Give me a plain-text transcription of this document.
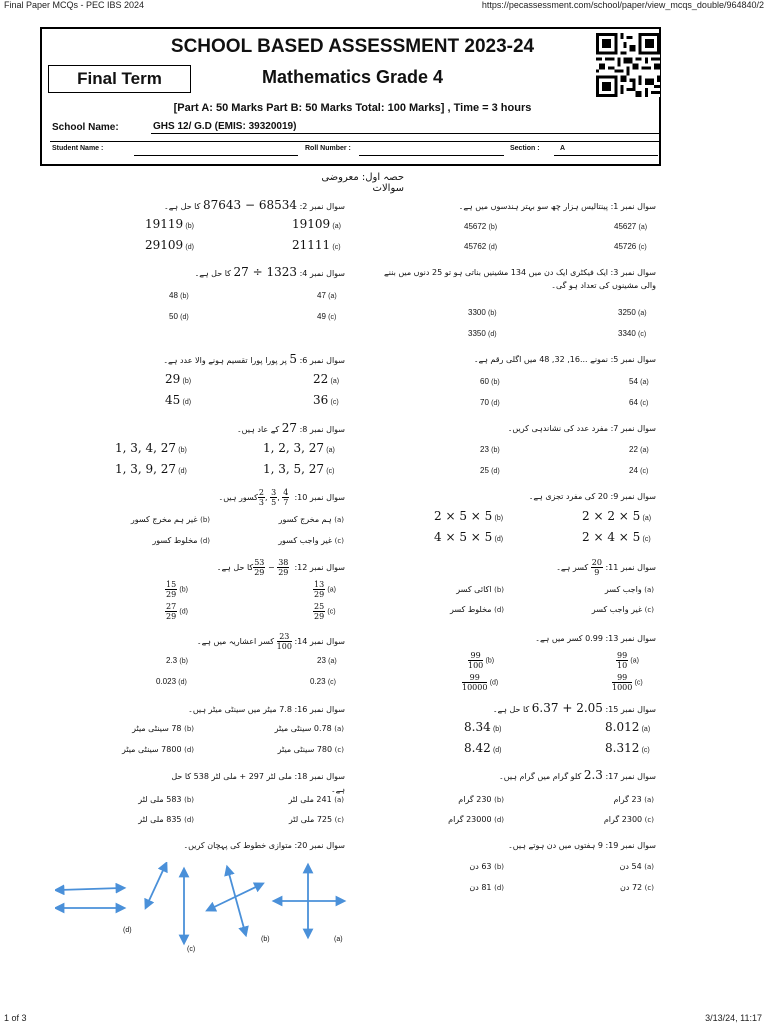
Final Paper MCQs - PEC IBS 2024	https://pecassessment.com/school/paper/view_mcqs_double/964840/2
1 of 3	3/13/24, 11:17
SCHOOL BASED ASSESSMENT 2023-24
Final Term	Mathematics Grade 4
[Part A: 50 Marks Part B: 50 Marks Total: 100 Marks] , Time = 3 hours
School Name:	GHS 12/ G.D (EMIS: 39320019)
Student Name :	Roll Number :	Section :	A
حصہ اول: معروضی سوالات
سوال نمبر 1: پینتالیس ہزار چھ سو بہتر ہندسوں میں ہے۔
45627 (a)
45672 (b)
45726 (c)
45762 (d)
سوال نمبر 2: 87643 − 68534 کا حل ہے۔
19109 (a)
19119 (b)
21111 (c)
29109 (d)
سوال نمبر 3: ایک فیکٹری ایک دن میں 134 مشینیں بناتی ہو تو 25 دنوں میں بننے والی مشینوں کی تعداد ہو گی۔
3250 (a)
3300 (b)
3340 (c)
3350 (d)
سوال نمبر 4: 27 ÷ 1323 کا حل ہے۔
47 (a)
48 (b)
49 (c)
50 (d)
سوال نمبر 5: نمونے ...16, 32, 48 میں اگلی رقم ہے۔
54 (a)
60 (b)
64 (c)
70 (d)
سوال نمبر 6: 5 پر پورا پورا تقسیم ہونے والا عدد ہے۔
22 (a)
29 (b)
36 (c)
45 (d)
سوال نمبر 7: مفرد عدد کی نشاندہی کریں۔
22 (a)
23 (b)
24 (c)
25 (d)
سوال نمبر 8: 27 کے عاد ہیں۔
1, 2, 3, 27 (a)
1, 3, 4, 27 (b)
1, 3, 5, 27 (c)
1, 3, 9, 27 (d)
سوال نمبر 9: 20 کی مفرد تجزی ہے۔
2 × 2 × 5 (a)
2 × 5 × 5 (b)
2 × 4 × 5 (c)
4 × 5 × 5 (d)
سوال نمبر 10:
$\frac{2}{3}$ , $\frac{3}{5}$ , $\frac{4}{7}$
کسور ہیں۔
(a) ہم مخرج کسور
(b) غیر ہم مخرج کسور
(c) غیر واجب کسور
(d) مخلوط کسور
سوال نمبر 11:
$\frac{20}{9}$
کسر ہے۔
(a) واجب کسر
(b) اکائی کسر
(c) غیر واجب کسر
(d) مخلوط کسر
سوال نمبر 12:
$\frac{53}{29} - \frac{38}{29}$
کا حل ہے۔
$\frac{13}{29} (a)$
$\frac{15}{29} (b)$
$\frac{25}{29} (c)$
$\frac{27}{29} (d)$
سوال نمبر 13: 0.99 کسر میں ہے۔
$\frac{99}{10} (a)$
$\frac{99}{100} (b)$
$\frac{99}{1000} (c)$
$\frac{99}{10000} (d)$
سوال نمبر 14:
$\frac{23}{100}$
کسر اعشاریہ میں ہے۔
23 (a)
2.3 (b)
0.23 (c)
0.023 (d)
سوال نمبر 15: 6.37 + 2.05 کا حل ہے۔
8.012 (a)
8.34 (b)
8.312 (c)
8.42 (d)
سوال نمبر 16: 7.8 میٹر میں سینٹی میٹر ہیں۔
(a) 0.78 سینٹی میٹر
(b) 78 سینٹی میٹر
(c) 780 سینٹی میٹر
(d) 7800 سینٹی میٹر
سوال نمبر 17: 2.3 کلو گرام میں گرام ہیں۔
(a) 23 گرام
(b) 230 گرام
(c) 2300 گرام
(d) 23000 گرام
سوال نمبر 18: ملی لٹر 297 + ملی لٹر 538 کا حل ہے۔
(a) 241 ملی لٹر
(b) 583 ملی لٹر
(c) 725 ملی لٹر
(d) 835 ملی لٹر
سوال نمبر 19: 9 ہفتوں میں دن ہوتے ہیں۔
(a) 54 دن
(b) 63 دن
(c) 72 دن
(d) 81 دن
سوال نمبر 20: متوازی خطوط کی پہچان کریں۔
(a)
(b)
(c)
(d)
